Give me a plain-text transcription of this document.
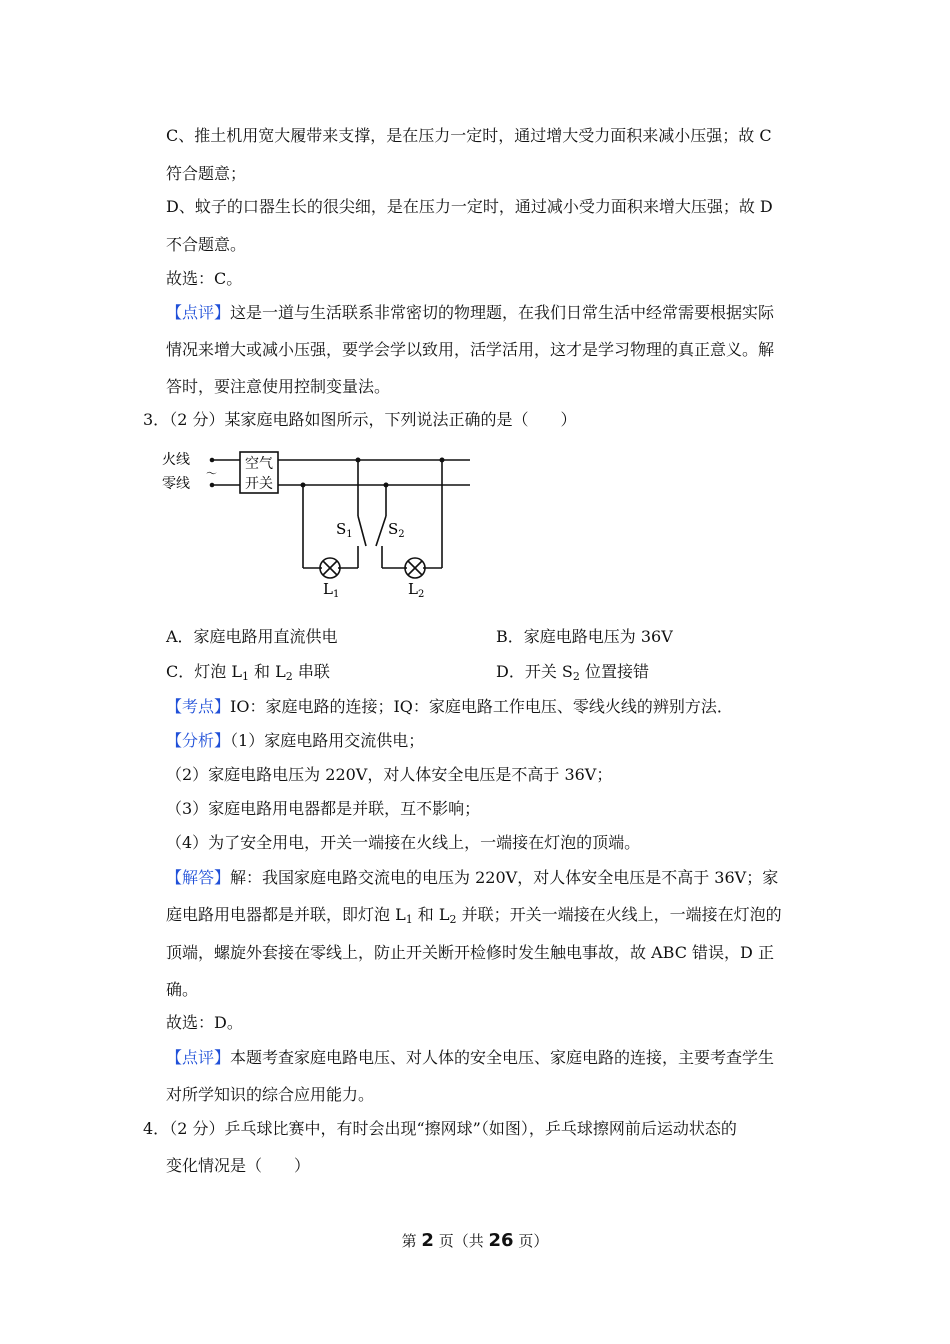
C、推土机用宽大履带来支撑，是在压力一定时，通过增大受力面积来减小压强；故 C
符合题意；
D、蚊子的口器生长的很尖细，是在压力一定时，通过减小受力面积来增大压强；故 D
不合题意。
故选：C。
【点评】这是一道与生活联系非常密切的物理题，在我们日常生活中经常需要根据实际
情况来增大或减小压强，要学会学以致用，活学活用，这才是学习物理的真正意义。解
答时，要注意使用控制变量法。
3．（2 分）某家庭电路如图所示，下列说法正确的是（　　）
火线
零线
～
空气
开关
$S_1$ $S_2$
$L_1$	$L_2$
A．家庭电路用直流供电	B．家庭电路电压为 36V
C．灯泡 $L_1$ 和 $L_2$ 串联	D．开关 $S_2$ 位置接错
【考点】IO：家庭电路的连接；IQ：家庭电路工作电压、零线火线的辨别方法．
【分析】（1）家庭电路用交流供电；
（2）家庭电路电压为 220V，对人体安全电压是不高于 36V；
（3）家庭电路用电器都是并联，互不影响；
（4）为了安全用电，开关一端接在火线上，一端接在灯泡的顶端。
【解答】解：我国家庭电路交流电的电压为 220V，对人体安全电压是不高于 36V；家
庭电路用电器都是并联，即灯泡 $L_1$ 和 $L_2$ 并联；开关一端接在火线上，一端接在灯泡的
顶端，螺旋外套接在零线上，防止开关断开检修时发生触电事故，故 ABC 错误，D 正
确。
故选：D。
【点评】本题考查家庭电路电压、对人体的安全电压、家庭电路的连接，主要考查学生
对所学知识的综合应用能力。
4．（2 分）乒乓球比赛中，有时会出现“擦网球”（如图），乒乓球擦网前后运动状态的
变化情况是（　　）
第 2 页（共 26 页）
